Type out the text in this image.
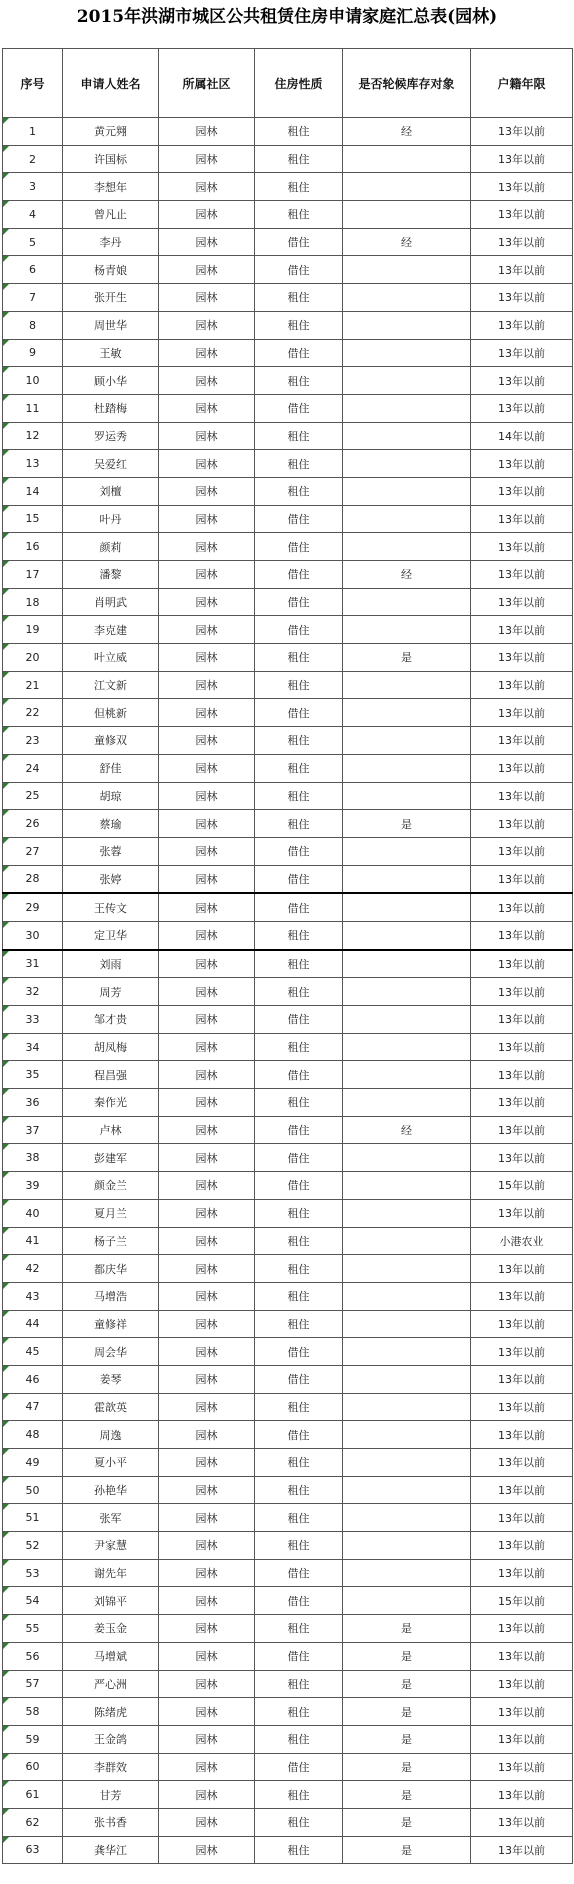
2015年洪湖市城区公共租赁住房申请家庭汇总表(园林)
序号	申请人姓名	所属社区	住房性质	是否轮候库存对象	户籍年限
1	黄元翙	园林	租住	经	13年以前
2	许国标	园林	租住		13年以前
3	李想年	园林	租住		13年以前
4	曾凡止	园林	租住		13年以前
5	李丹	园林	借住	经	13年以前
6	杨青娘	园林	借住		13年以前
7	张开生	园林	租住		13年以前
8	周世华	园林	租住		13年以前
9	王敏	园林	借住		13年以前
10	顾小华	园林	租住		13年以前
11	杜踏梅	园林	借住		13年以前
12	罗运秀	园林	租住		14年以前
13	吴爱红	园林	租住		13年以前
14	刘檀	园林	租住		13年以前
15	叶丹	园林	借住		13年以前
16	颜莉	园林	借住		13年以前
17	潘黎	园林	借住	经	13年以前
18	肖明武	园林	借住		13年以前
19	李克建	园林	借住		13年以前
20	叶立威	园林	租住	是	13年以前
21	江文新	园林	租住		13年以前
22	但桃新	园林	借住		13年以前
23	童修双	园林	租住		13年以前
24	舒佳	园林	租住		13年以前
25	胡琼	园林	租住		13年以前
26	蔡瑜	园林	租住	是	13年以前
27	张蓉	园林	借住		13年以前
28	张婷	园林	借住		13年以前
29	王传文	园林	借住		13年以前
30	定卫华	园林	租住		13年以前
31	刘雨	园林	租住		13年以前
32	周芳	园林	租住		13年以前
33	邹才贵	园林	借住		13年以前
34	胡凤梅	园林	租住		13年以前
35	程昌强	园林	借住		13年以前
36	秦作光	园林	租住		13年以前
37	卢林	园林	借住	经	13年以前
38	彭建军	园林	借住		13年以前
39	颜金兰	园林	借住		15年以前
40	夏月兰	园林	租住		13年以前
41	杨子兰	园林	租住		小港农业
42	都庆华	园林	租住		13年以前
43	马增浩	园林	租住		13年以前
44	童修祥	园林	租住		13年以前
45	周会华	园林	借住		13年以前
46	姜琴	园林	借住		13年以前
47	霍歆英	园林	租住		13年以前
48	周逸	园林	借住		13年以前
49	夏小平	园林	租住		13年以前
50	孙艳华	园林	租住		13年以前
51	张军	园林	租住		13年以前
52	尹家慧	园林	租住		13年以前
53	谢先年	园林	借住		13年以前
54	刘锦平	园林	借住		15年以前
55	姜玉金	园林	租住	是	13年以前
56	马增斌	园林	借住	是	13年以前
57	严心洲	园林	租住	是	13年以前
58	陈绪虎	园林	租住	是	13年以前
59	王金鸽	园林	租住	是	13年以前
60	李群效	园林	借住	是	13年以前
61	甘芳	园林	租住	是	13年以前
62	张书香	园林	租住	是	13年以前
63	龚华江	园林	租住	是	13年以前
